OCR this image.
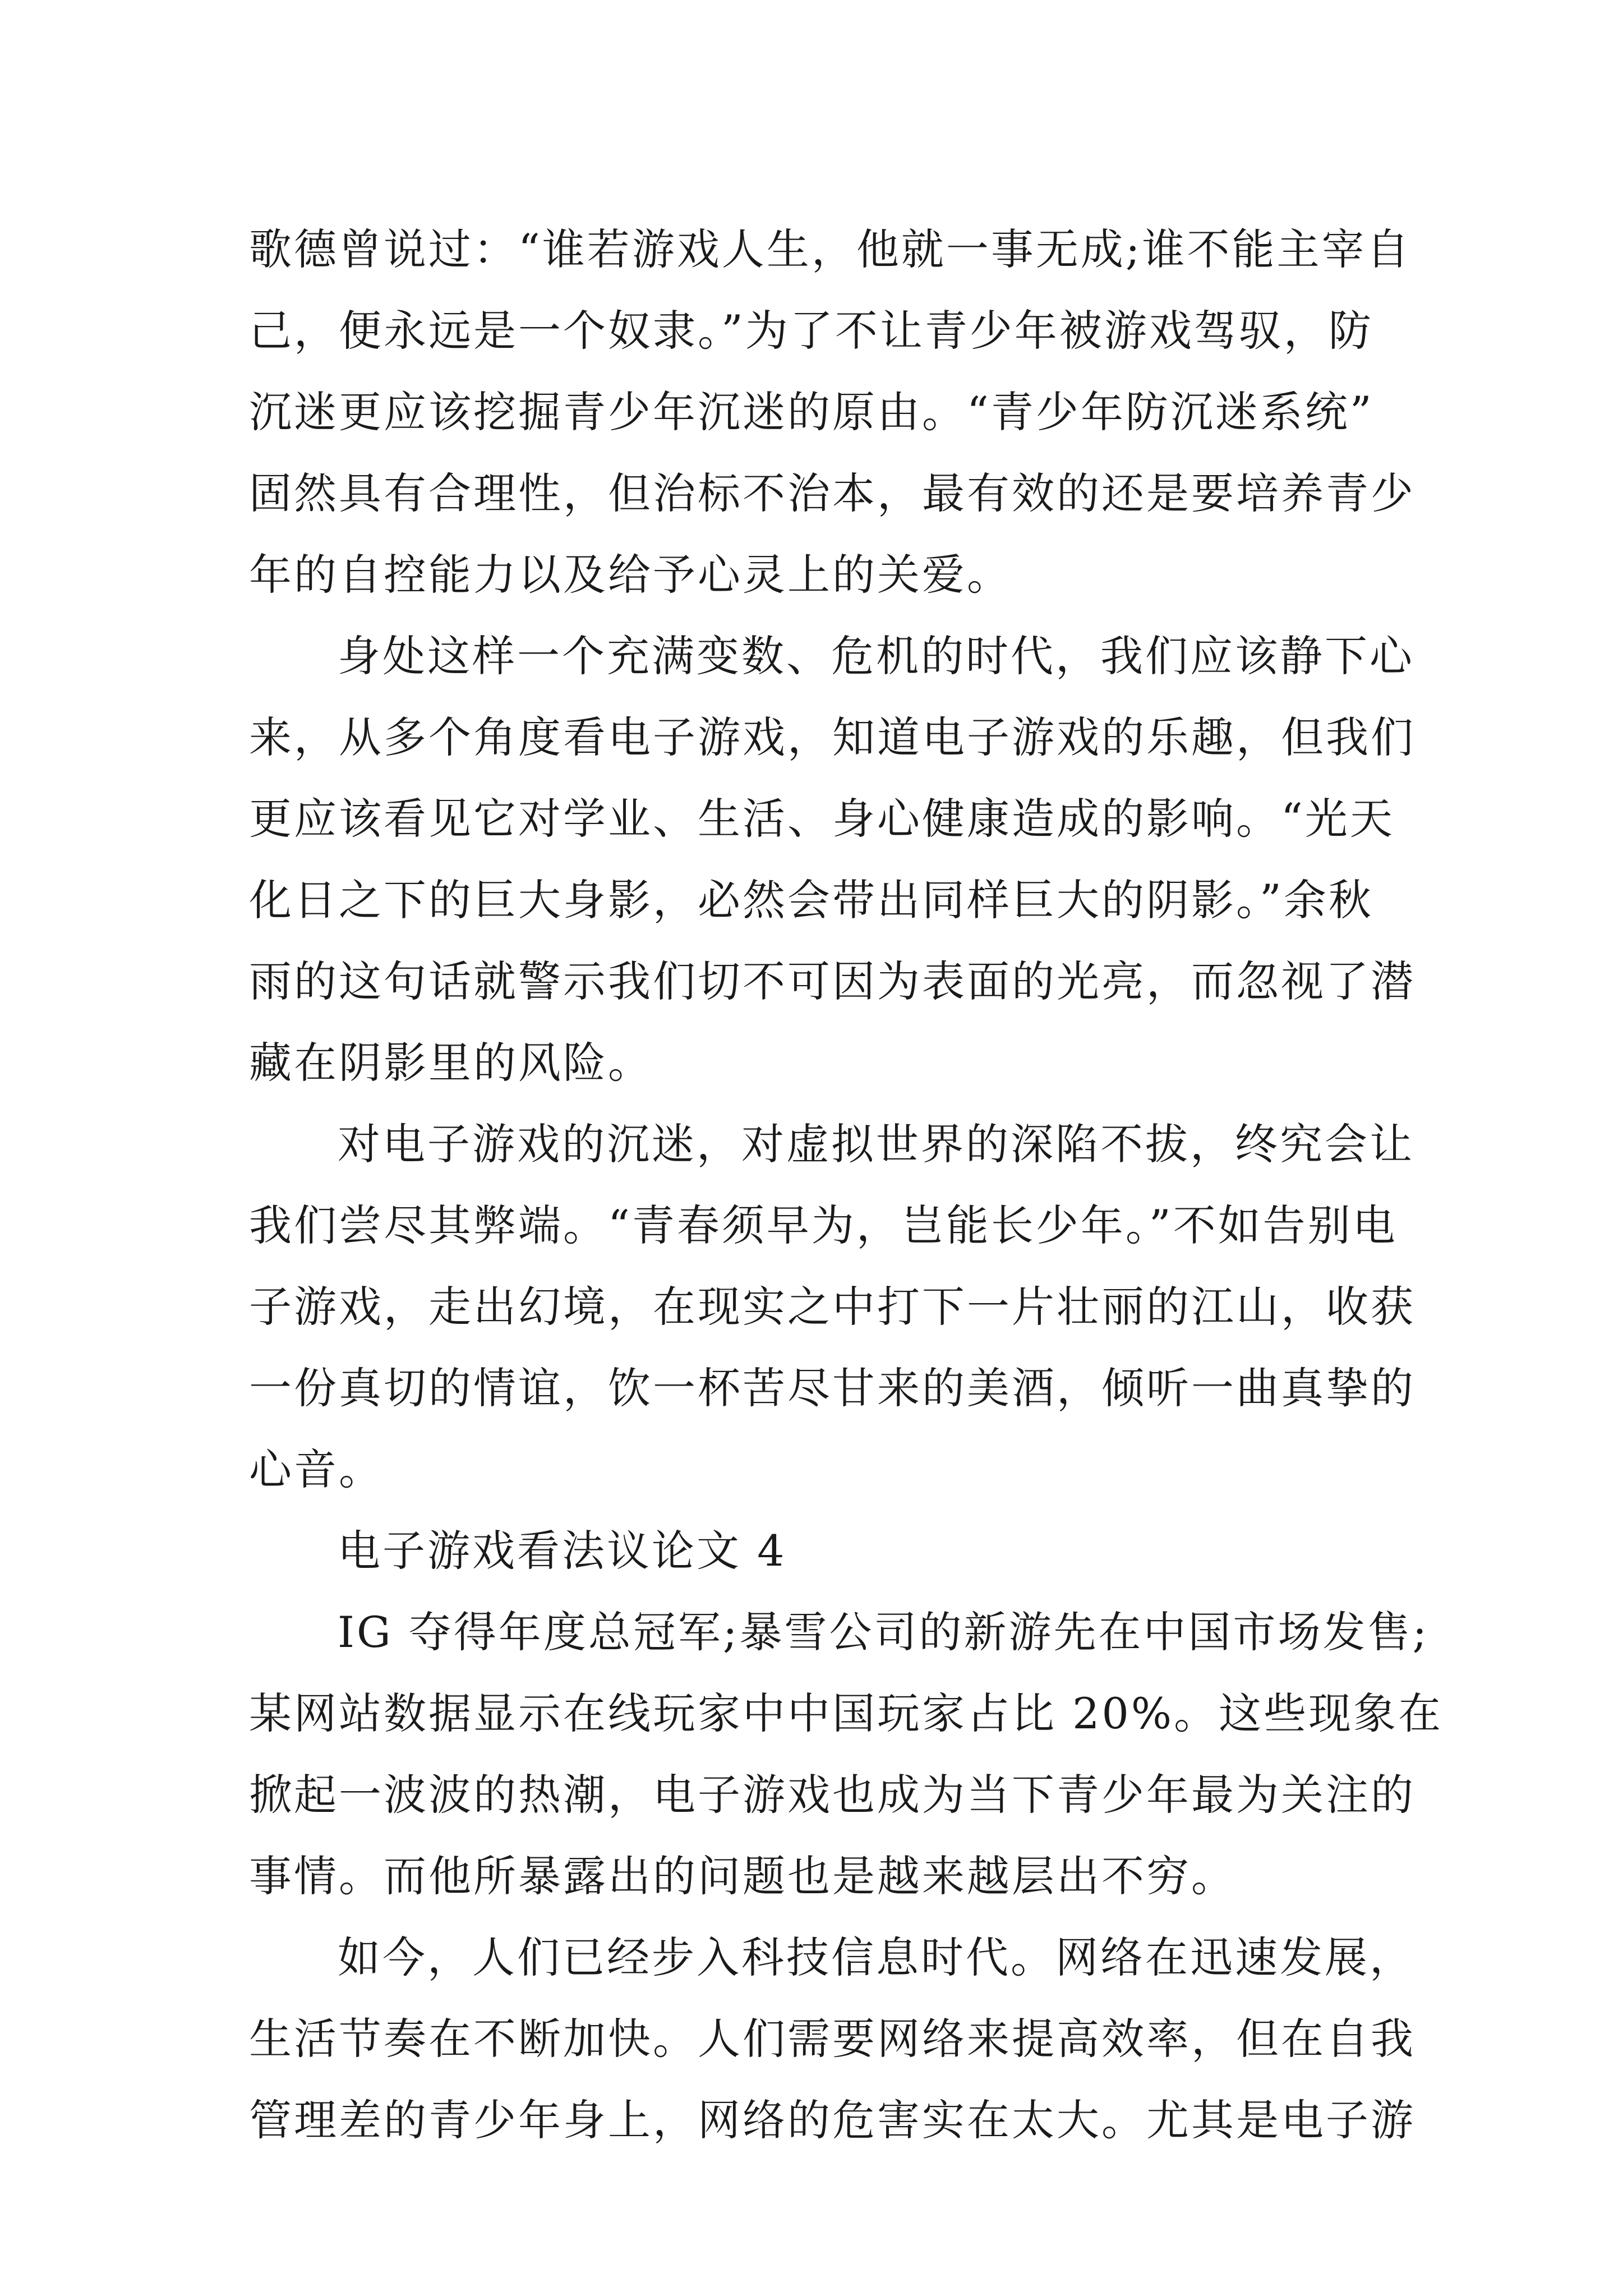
歌德曾说过：“谁若游戏人生，他就一事无成;谁不能主宰自
己，便永远是一个奴隶。”为了不让青少年被游戏驾驭，防
沉迷更应该挖掘青少年沉迷的原由。“青少年防沉迷系统”
固然具有合理性，但治标不治本，最有效的还是要培养青少
年的自控能力以及给予心灵上的关爱。
身处这样一个充满变数、危机的时代，我们应该静下心
来，从多个角度看电子游戏，知道电子游戏的乐趣，但我们
更应该看见它对学业、生活、身心健康造成的影响。“光天
化日之下的巨大身影，必然会带出同样巨大的阴影。”余秋
雨的这句话就警示我们切不可因为表面的光亮，而忽视了潜
藏在阴影里的风险。
对电子游戏的沉迷，对虚拟世界的深陷不拔，终究会让
我们尝尽其弊端。“青春须早为，岂能长少年。”不如告别电
子游戏，走出幻境，在现实之中打下一片壮丽的江山，收获
一份真切的情谊，饮一杯苦尽甘来的美酒，倾听一曲真挚的
心音。
电子游戏看法议论文 4
IG 夺得年度总冠军;暴雪公司的新游先在中国市场发售;
某网站数据显示在线玩家中中国玩家占比 20%。这些现象在
掀起一波波的热潮，电子游戏也成为当下青少年最为关注的
事情。而他所暴露出的问题也是越来越层出不穷。
如今，人们已经步入科技信息时代。网络在迅速发展，
生活节奏在不断加快。人们需要网络来提高效率，但在自我
管理差的青少年身上，网络的危害实在太大。尤其是电子游
